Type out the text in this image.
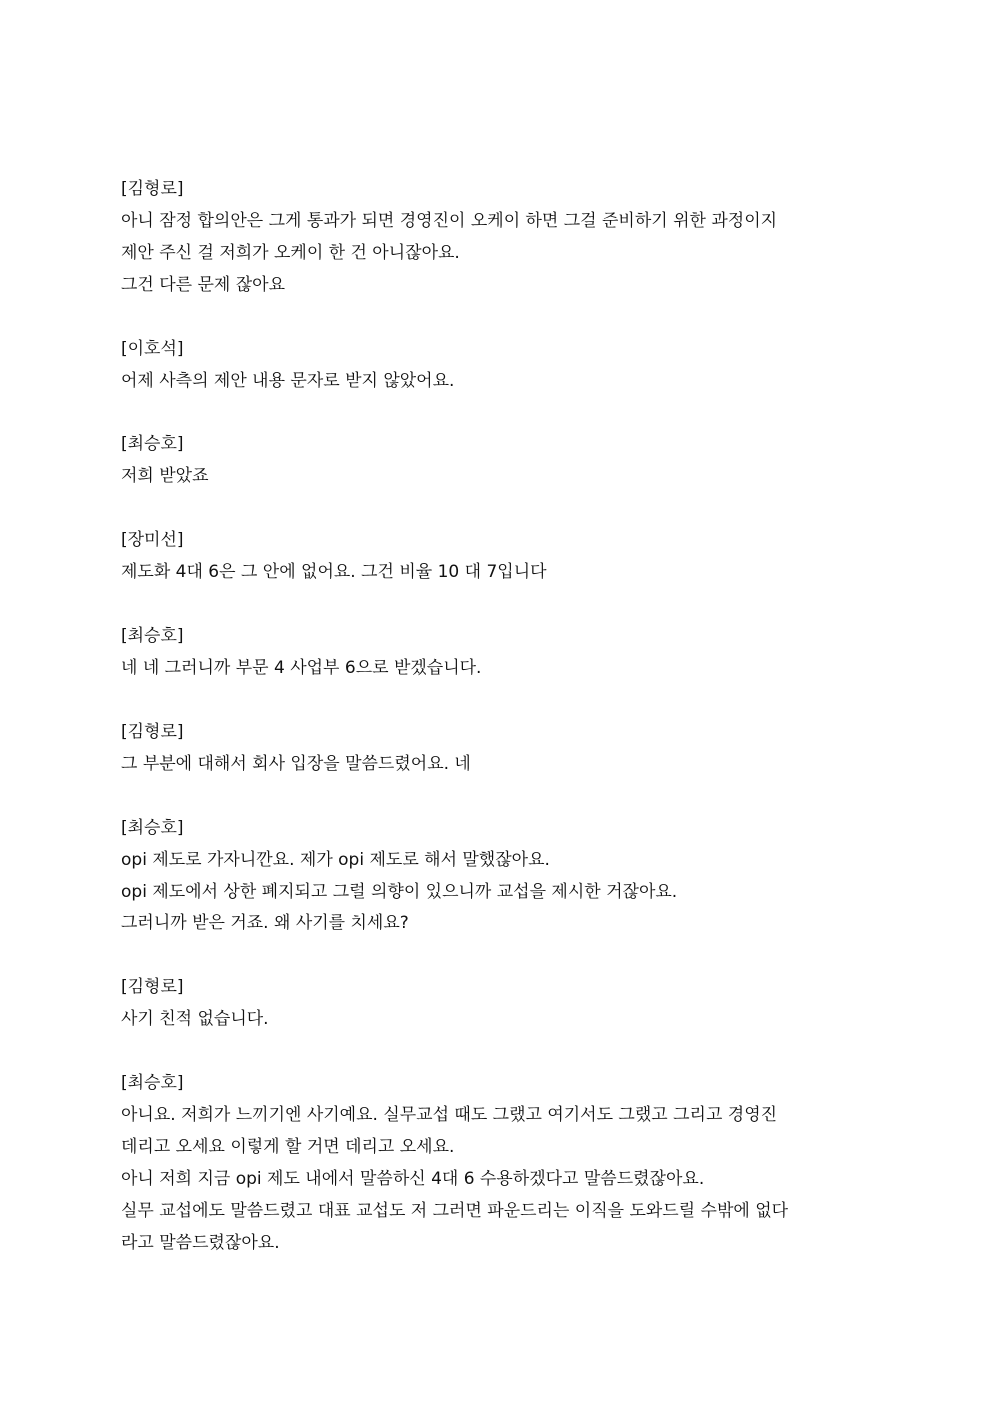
[김형로]
아니 잠정 합의안은 그게 통과가 되면 경영진이 오케이 하면 그걸 준비하기 위한 과정이지
제안 주신 걸 저희가 오케이 한 건 아니잖아요.
그건 다른 문제 잖아요
[이호석]
어제 사측의 제안 내용 문자로 받지 않았어요.
[최승호]
저희 받았죠
[장미선]
제도화 4대 6은 그 안에 없어요. 그건 비율 10 대 7입니다
[최승호]
네 네 그러니까 부문 4 사업부 6으로 받겠습니다.
[김형로]
그 부분에 대해서 회사 입장을 말씀드렸어요. 네
[최승호]
opi 제도로 가자니깐요. 제가 opi 제도로 해서 말했잖아요.
opi 제도에서 상한 폐지되고 그럴 의향이 있으니까 교섭을 제시한 거잖아요.
그러니까 받은 거죠. 왜 사기를 치세요?
[김형로]
사기 친적 없습니다.
[최승호]
아니요. 저희가 느끼기엔 사기예요. 실무교섭 때도 그랬고 여기서도 그랬고 그리고 경영진
데리고 오세요 이렇게 할 거면 데리고 오세요.
아니 저희 지금 opi 제도 내에서 말씀하신 4대 6 수용하겠다고 말씀드렸잖아요.
실무 교섭에도 말씀드렸고 대표 교섭도 저 그러면 파운드리는 이직을 도와드릴 수밖에 없다
라고 말씀드렸잖아요.
